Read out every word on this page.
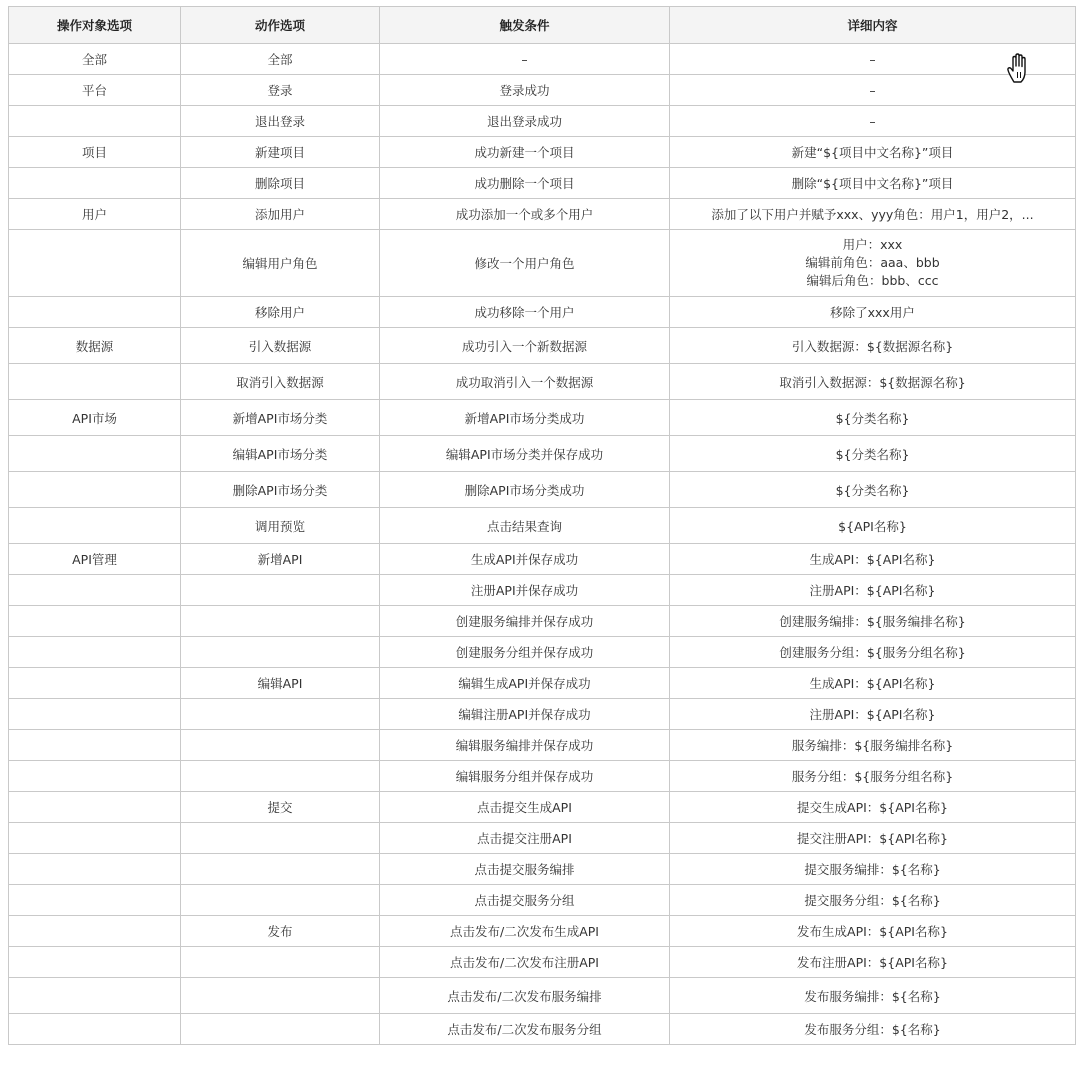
操作对象选项	动作选项	触发条件	详细内容
全部	全部	–	–
平台	登录	登录成功	–
	退出登录	退出登录成功	–
项目	新建项目	成功新建一个项目	新建“${项目中文名称}”项目
	删除项目	成功删除一个项目	删除“${项目中文名称}”项目
用户	添加用户	成功添加一个或多个用户	添加了以下用户并赋予xxx、yyy角色：用户1，用户2，...
	编辑用户角色	修改一个用户角色	用户：xxx
编辑前角色：aaa、bbb
编辑后角色：bbb、ccc

	移除用户	成功移除一个用户	移除了xxx用户
数据源	引入数据源	成功引入一个新数据源	引入数据源：${数据源名称}
	取消引入数据源	成功取消引入一个数据源	取消引入数据源：${数据源名称}
API市场	新增API市场分类	新增API市场分类成功	${分类名称}
	编辑API市场分类	编辑API市场分类并保存成功	${分类名称}
	删除API市场分类	删除API市场分类成功	${分类名称}
	调用预览	点击结果查询	${API名称}
API管理	新增API	生成API并保存成功	生成API：${API名称}
		注册API并保存成功	注册API：${API名称}
		创建服务编排并保存成功	创建服务编排：${服务编排名称}
		创建服务分组并保存成功	创建服务分组：${服务分组名称}
	编辑API	编辑生成API并保存成功	生成API：${API名称}
		编辑注册API并保存成功	注册API：${API名称}
		编辑服务编排并保存成功	服务编排：${服务编排名称}
		编辑服务分组并保存成功	服务分组：${服务分组名称}
	提交	点击提交生成API	提交生成API：${API名称}
		点击提交注册API	提交注册API：${API名称}
		点击提交服务编排	提交服务编排：${名称}
		点击提交服务分组	提交服务分组：${名称}
	发布	点击发布/二次发布生成API	发布生成API：${API名称}
		点击发布/二次发布注册API	发布注册API：${API名称}
		点击发布/二次发布服务编排	发布服务编排：${名称}
		点击发布/二次发布服务分组	发布服务分组：${名称}
